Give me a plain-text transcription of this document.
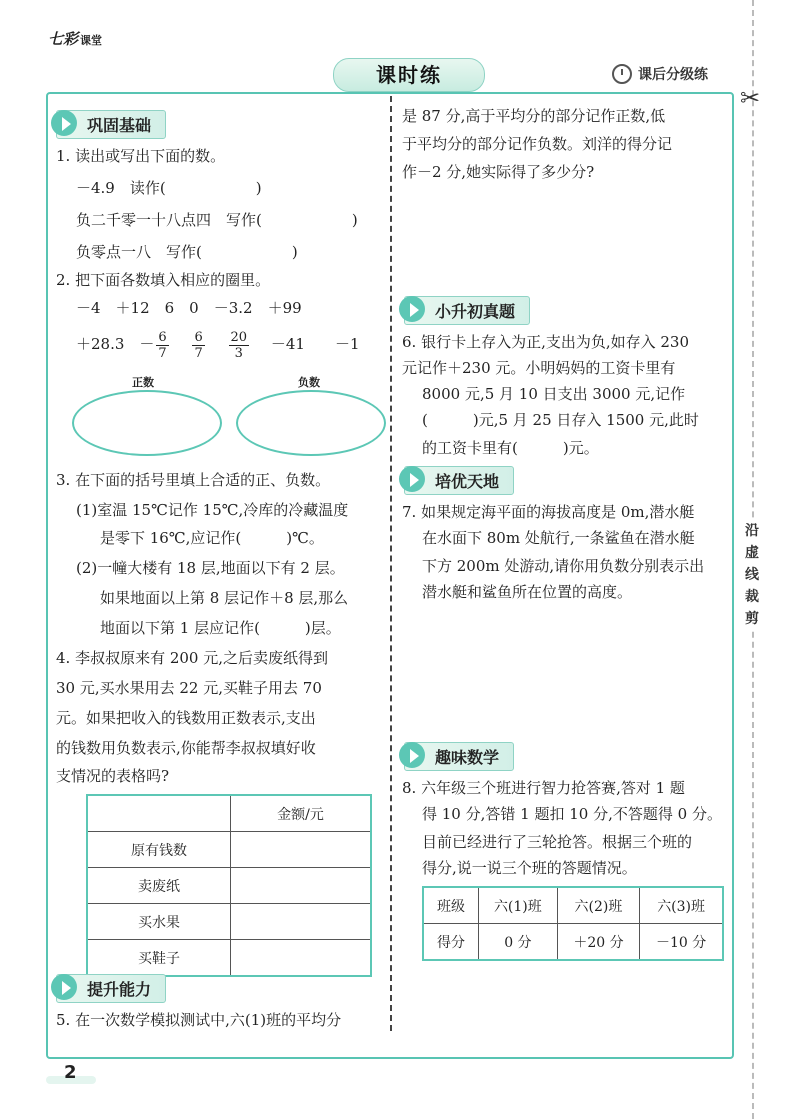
七彩 课堂
课时练	课后分级练
✂
沿虚线裁剪
巩固基础
1. 读出或写出下面的数。
－4.9　读作(　　　　　　)
负二千零一十八点四　写作(　　　　　　)
负零点一八　写作(　　　　　　)
2. 把下面各数填入相应的圈里。
－4　＋12　6　0　－3.2　＋99
＋28.3　－ $\frac{6}{7}$
　 $\frac{6}{7}$
　 $\frac{20}{3}$
　 －41　　－1
正数	负数
3. 在下面的括号里填上合适的正、负数。
(1)室温 15℃记作 15℃,冷库的冷藏温度
是零下 16℃,应记作(　　　)℃。
(2)一幢大楼有 18 层,地面以下有 2 层。
如果地面以上第 8 层记作＋8 层,那么
地面以下第 1 层应记作(　　　)层。
4. 李叔叔原来有 200 元,之后卖废纸得到
30 元,买水果用去 22 元,买鞋子用去 70
元。如果把收入的钱数用正数表示,支出
的钱数用负数表示,你能帮李叔叔填好收
支情况的表格吗?
	金额/元
原有钱数	
卖废纸	
买水果	
买鞋子	
提升能力
5. 在一次数学模拟测试中,六(1)班的平均分
是 87 分,高于平均分的部分记作正数,低
于平均分的部分记作负数。刘洋的得分记
作－2 分,她实际得了多少分?
小升初真题
6. 银行卡上存入为正,支出为负,如存入 230
元记作＋230 元。小明妈妈的工资卡里有
8000 元,5 月 10 日支出 3000 元,记作
(　　　)元,5 月 25 日存入 1500 元,此时
的工资卡里有(　　　)元。
培优天地
7. 如果规定海平面的海拔高度是 0m,潜水艇
在水面下 80m 处航行,一条鲨鱼在潜水艇
下方 200m 处游动,请你用负数分别表示出
潜水艇和鲨鱼所在位置的高度。
趣味数学
8. 六年级三个班进行智力抢答赛,答对 1 题
得 10 分,答错 1 题扣 10 分,不答题得 0 分。
目前已经进行了三轮抢答。根据三个班的
得分,说一说三个班的答题情况。
班级	六(1)班	六(2)班	六(3)班
得分	0 分	＋20 分	－10 分
2
